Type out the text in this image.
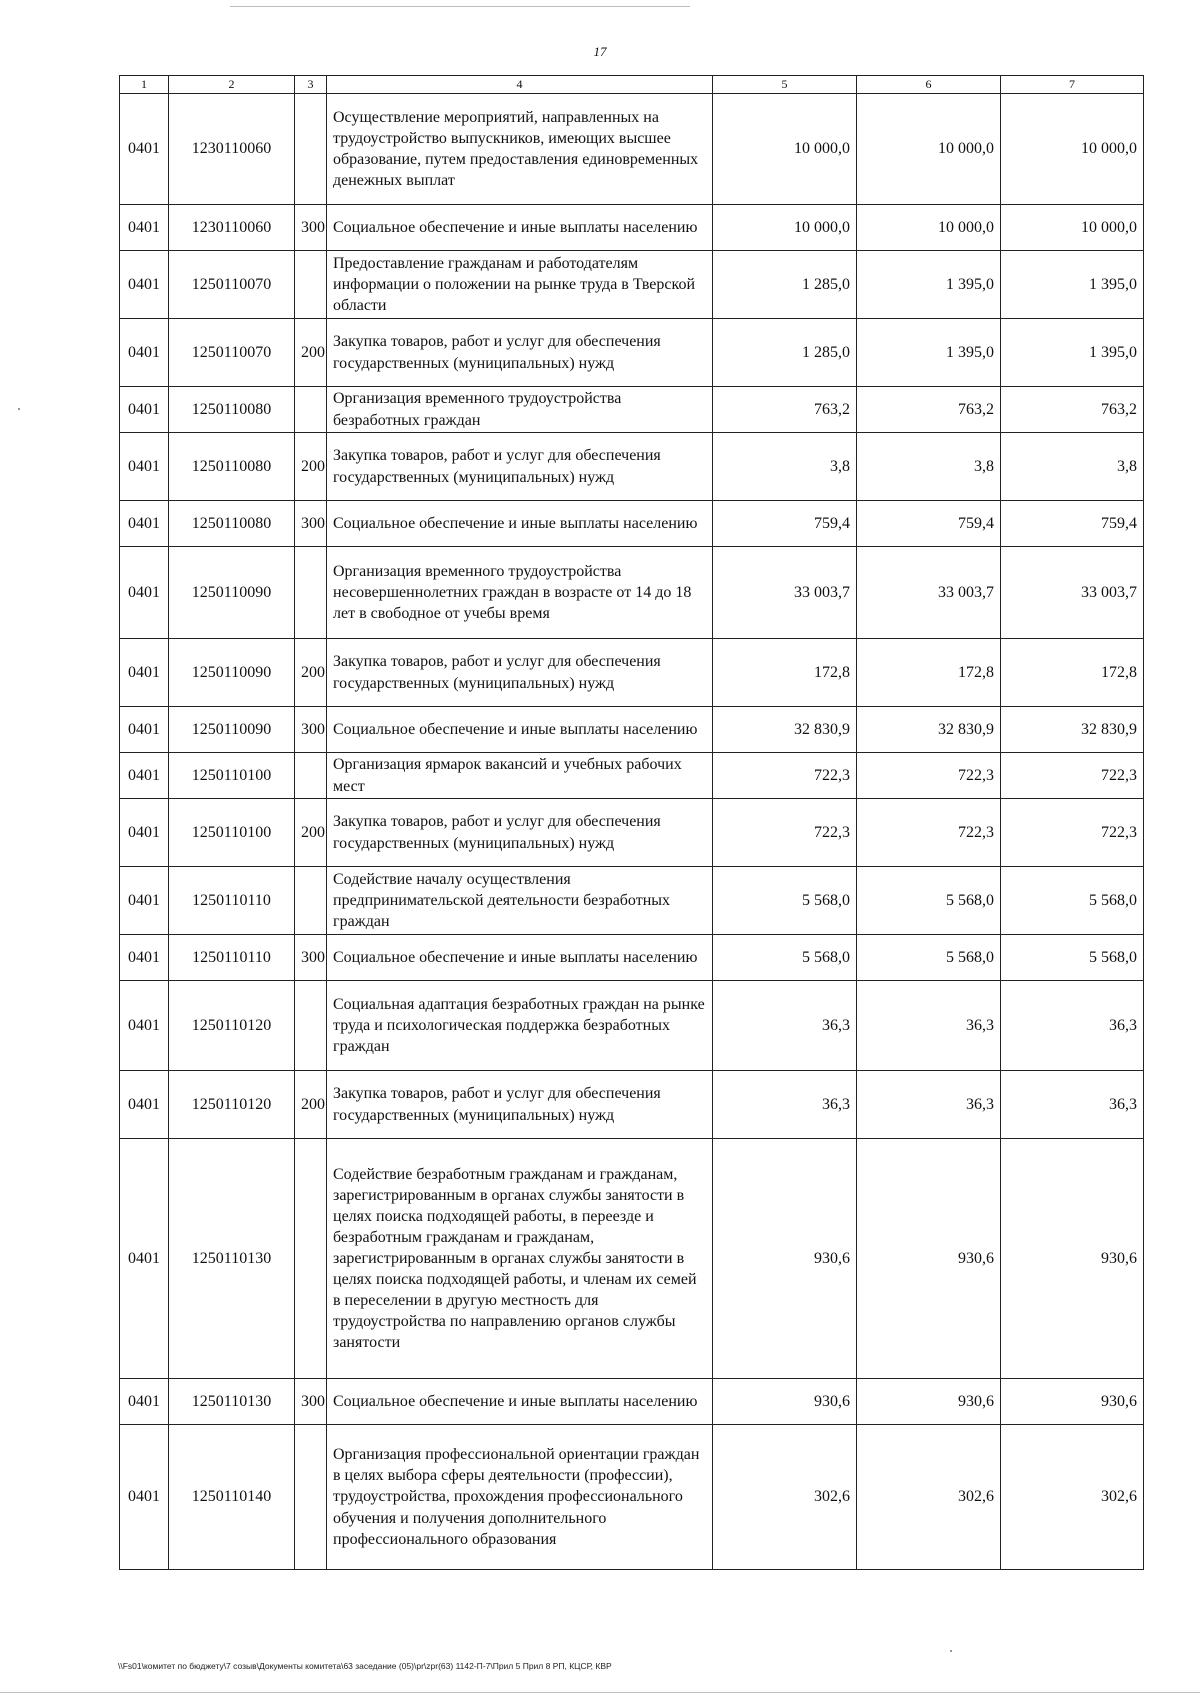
17
1	2	3	4	5	6	7
0401	1230110060		Осуществление мероприятий, направленных на трудоустройство выпускников, имеющих высшее образование, путем предоставления единовременных денежных выплат	10 000,0	10 000,0	10 000,0
0401	1230110060	300	Социальное обеспечение и иные выплаты населению	10 000,0	10 000,0	10 000,0
0401	1250110070		Предоставление гражданам и работодателям информации о положении на рынке труда в Тверской области	1 285,0	1 395,0	1 395,0
0401	1250110070	200	Закупка товаров, работ и услуг для обеспечения государственных (муниципальных) нужд	1 285,0	1 395,0	1 395,0
0401	1250110080		Организация временного трудоустройства безработных граждан	763,2	763,2	763,2
0401	1250110080	200	Закупка товаров, работ и услуг для обеспечения государственных (муниципальных) нужд	3,8	3,8	3,8
0401	1250110080	300	Социальное обеспечение и иные выплаты населению	759,4	759,4	759,4
0401	1250110090		Организация временного трудоустройства несовершеннолетних граждан в возрасте от 14 до 18 лет в свободное от учебы время	33 003,7	33 003,7	33 003,7
0401	1250110090	200	Закупка товаров, работ и услуг для обеспечения государственных (муниципальных) нужд	172,8	172,8	172,8
0401	1250110090	300	Социальное обеспечение и иные выплаты населению	32 830,9	32 830,9	32 830,9
0401	1250110100		Организация ярмарок вакансий и учебных рабочих мест	722,3	722,3	722,3
0401	1250110100	200	Закупка товаров, работ и услуг для обеспечения государственных (муниципальных) нужд	722,3	722,3	722,3
0401	1250110110		Содействие началу осуществления предпринимательской деятельности безработных граждан	5 568,0	5 568,0	5 568,0
0401	1250110110	300	Социальное обеспечение и иные выплаты населению	5 568,0	5 568,0	5 568,0
0401	1250110120		Социальная адаптация безработных граждан на рынке труда и психологическая поддержка безработных граждан	36,3	36,3	36,3
0401	1250110120	200	Закупка товаров, работ и услуг для обеспечения государственных (муниципальных) нужд	36,3	36,3	36,3
0401	1250110130		Содействие безработным гражданам и гражданам, зарегистрированным в органах службы занятости в целях поиска подходящей работы, в переезде и безработным гражданам и гражданам, зарегистрированным в органах службы занятости в целях поиска подходящей работы, и членам их семей в переселении в другую местность для трудоустройства по направлению органов службы занятости	930,6	930,6	930,6
0401	1250110130	300	Социальное обеспечение и иные выплаты населению	930,6	930,6	930,6
0401	1250110140		Организация профессиональной ориентации граждан в целях выбора сферы деятельности (профессии), трудоустройства, прохождения профессионального обучения и получения дополнительного профессионального образования	302,6	302,6	302,6
\\Fs01\комитет по бюджету\7 созыв\Документы комитета\63 заседание (05)\pr\zpr(63) 1142-П-7\Прил 5 Прил 8 РП, КЦСР, КВР
